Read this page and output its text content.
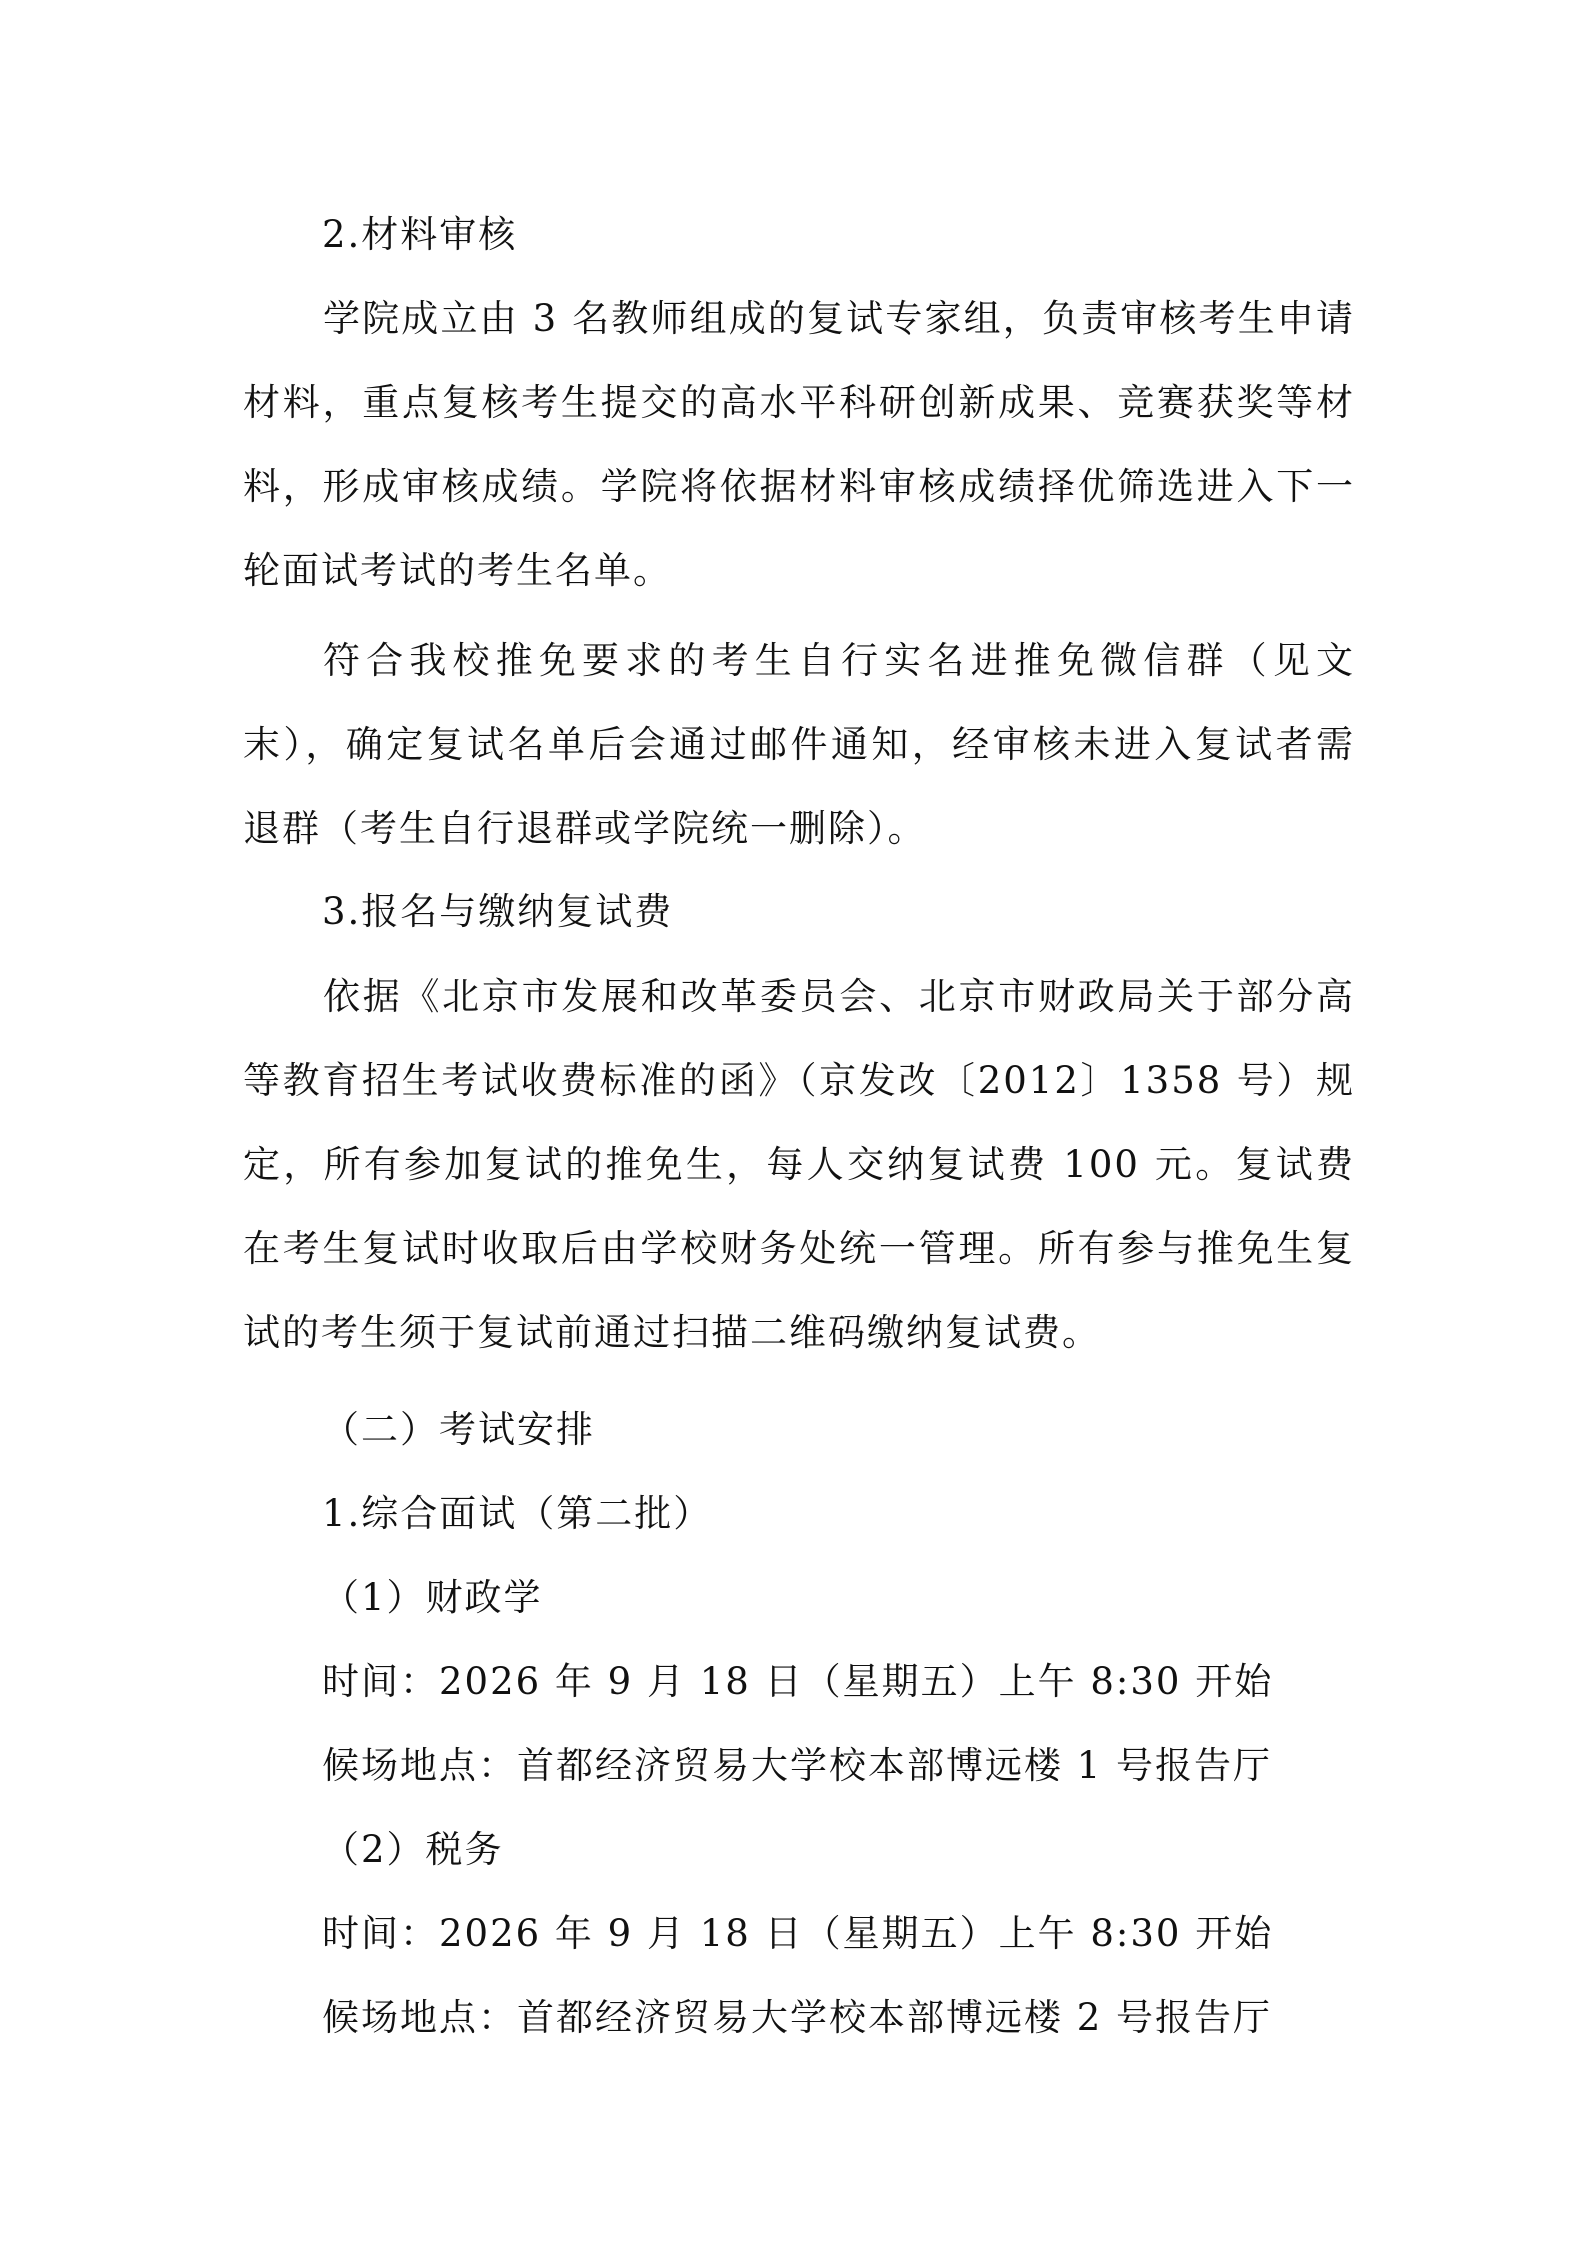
2.材料审核
学院成立由 3 名教师组成的复试专家组，负责审核考生申请材料，重点复核考生提交的高水平科研创新成果、竞赛获奖等材料，形成审核成绩。学院将依据材料审核成绩择优筛选进入下一轮面试考试的考生名单。
符合我校推免要求的考生自行实名进推免微信群（见文末），确定复试名单后会通过邮件通知，经审核未进入复试者需退群（考生自行退群或学院统一删除）。
3.报名与缴纳复试费
依据《北京市发展和改革委员会、北京市财政局关于部分高等教育招生考试收费标准的函》（京发改〔2012〕1358 号）规定，所有参加复试的推免生，每人交纳复试费 100 元。复试费在考生复试时收取后由学校财务处统一管理。所有参与推免生复试的考生须于复试前通过扫描二维码缴纳复试费。
（二）考试安排
1.综合面试（第二批）
（1）财政学
时间：2026 年 9 月 18 日（星期五）上午 8:30 开始
候场地点：首都经济贸易大学校本部博远楼 1 号报告厅
（2）税务
时间：2026 年 9 月 18 日（星期五）上午 8:30 开始
候场地点：首都经济贸易大学校本部博远楼 2 号报告厅
